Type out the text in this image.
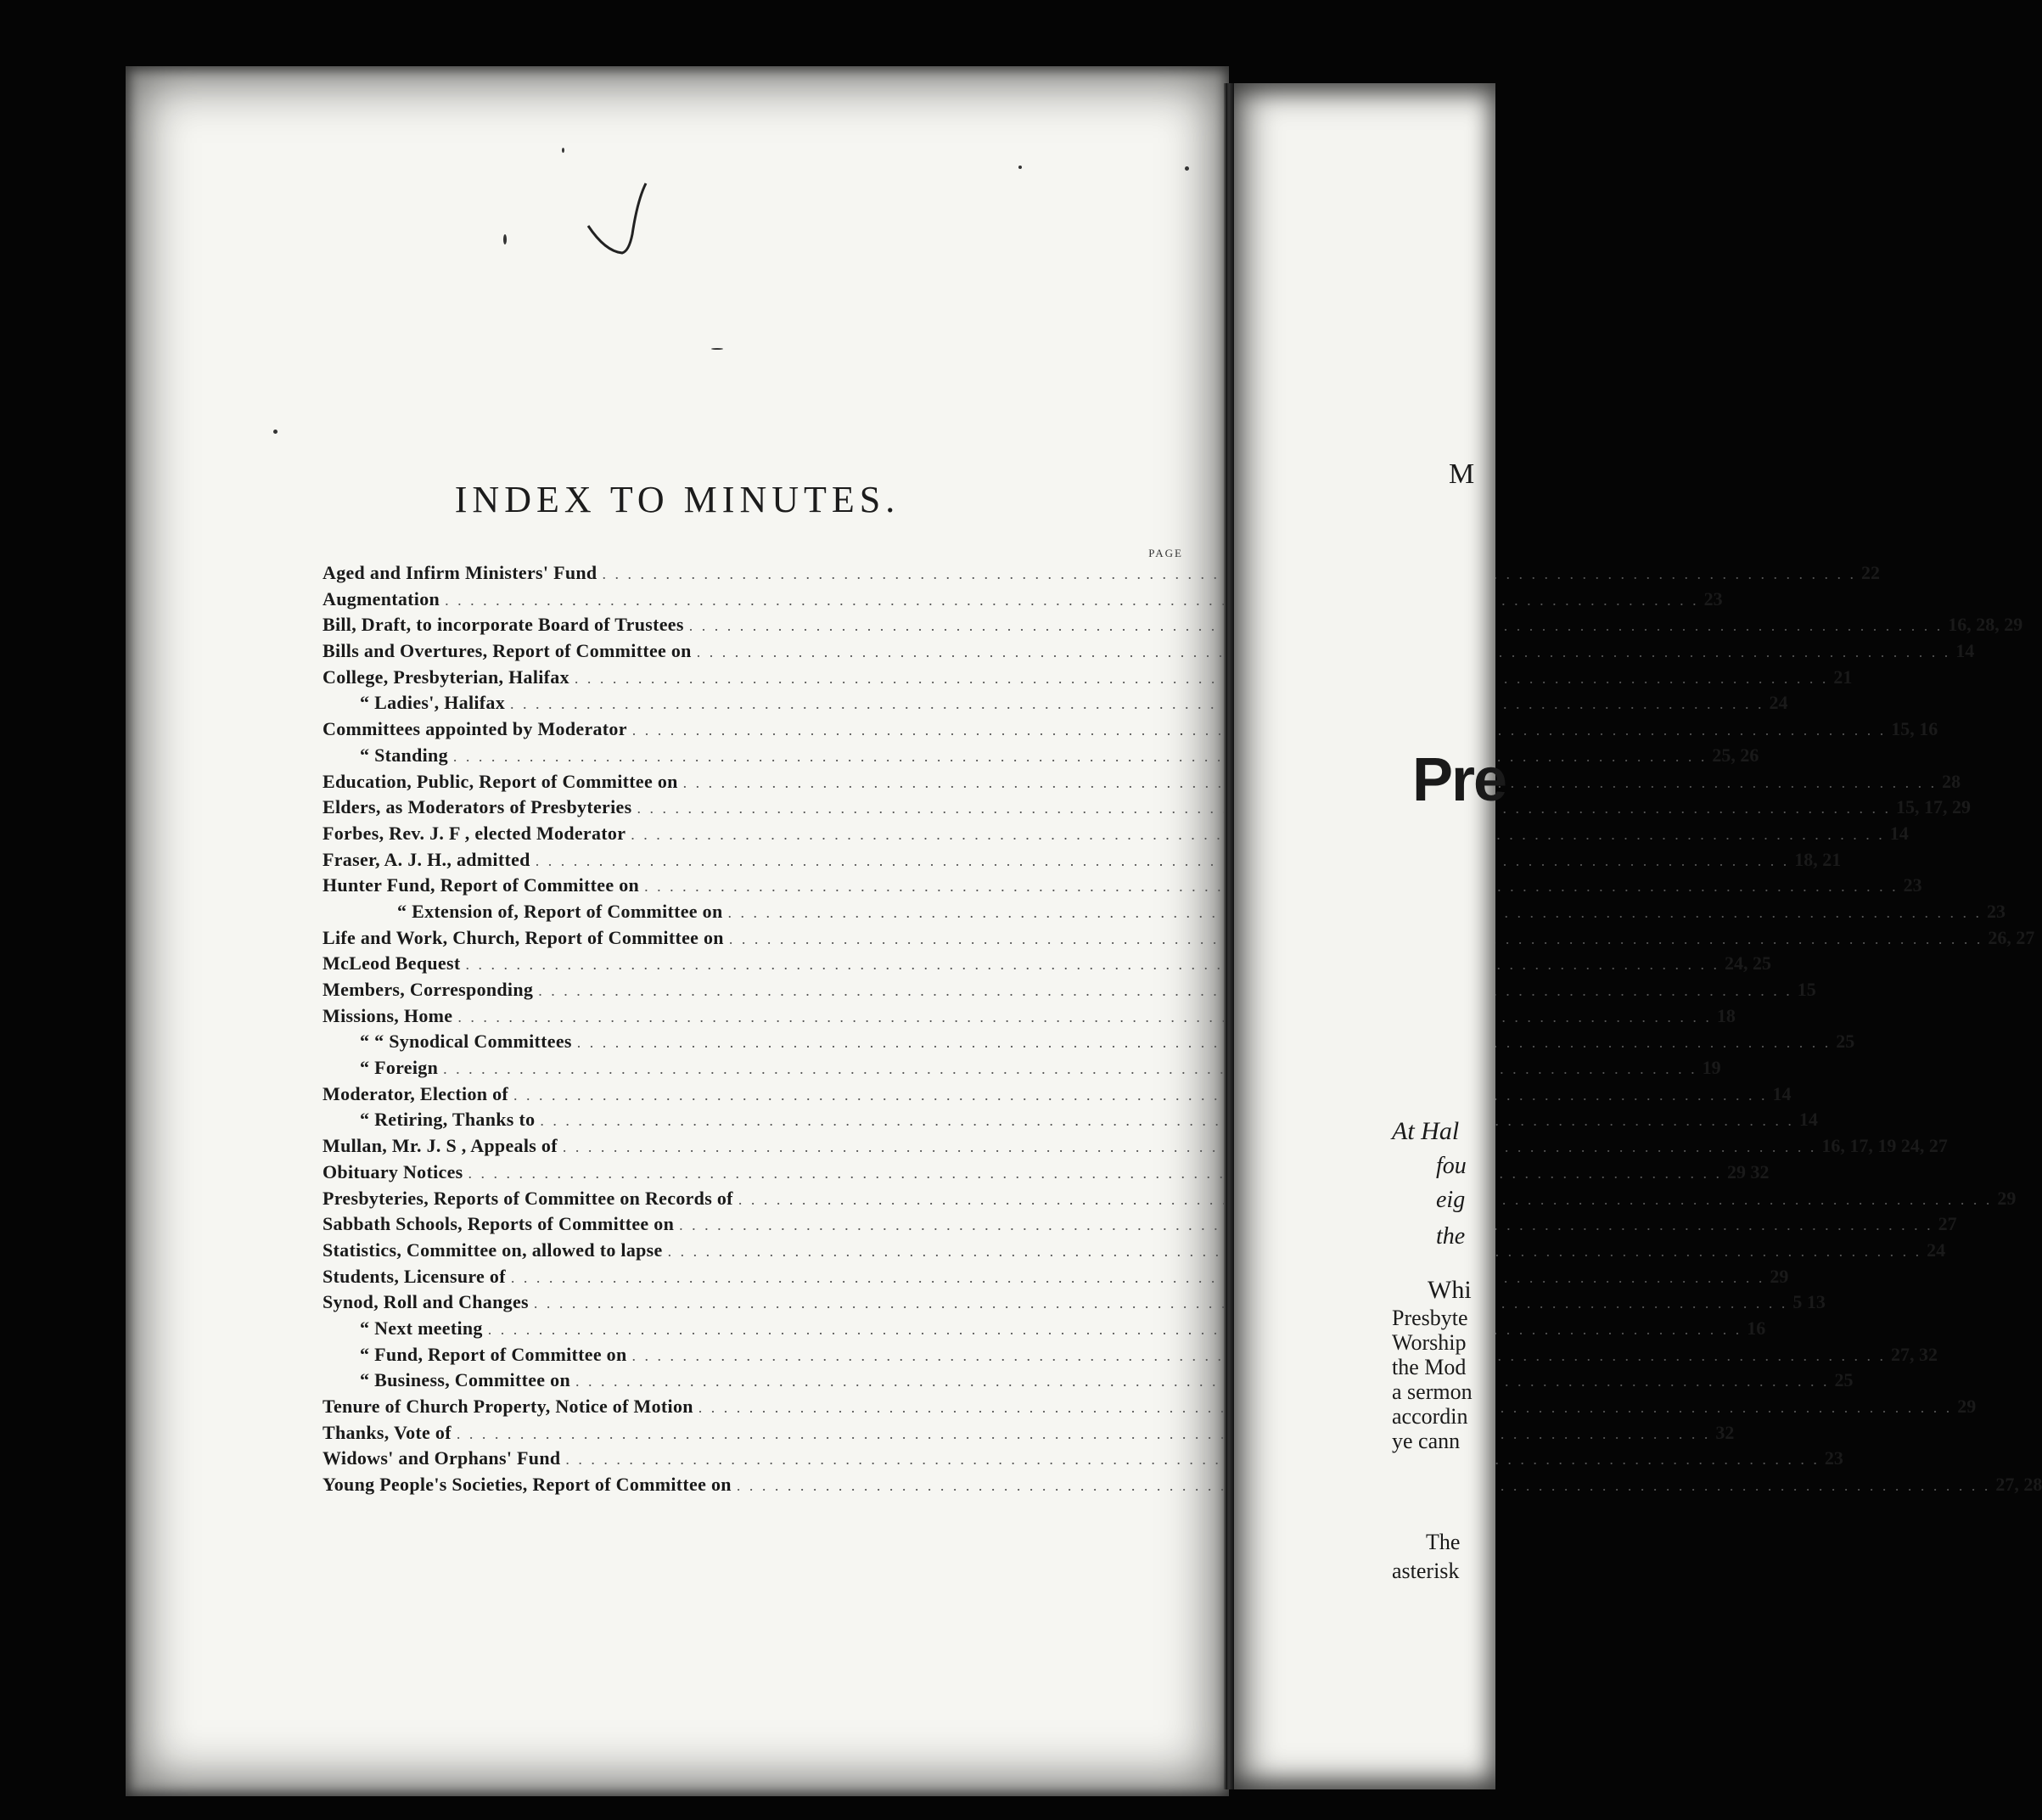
INDEX TO MINUTES.
PAGE
Aged and Infirm Ministers' Fund . . .	22
Augmentation . . .	23
Bill, Draft, to incorporate Board of Trustees . . .	16, 28, 29
Bills and Overtures, Report of Committee on . . .	14
College, Presbyterian, Halifax . . .	21
“ Ladies', Halifax . . .	24
Committees appointed by Moderator . . .	15, 16
“ Standing . . .	25, 26
Education, Public, Report of Committee on . . .	28
Elders, as Moderators of Presbyteries . . .	15, 17, 29
Forbes, Rev. J. F , elected Moderator . . .	14
Fraser, A. J. H., admitted . . .	18, 21
Hunter Fund, Report of Committee on . . .	23
“ Extension of, Report of Committee on . . .	23
Life and Work, Church, Report of Committee on . . .	26, 27
McLeod Bequest . . .	24, 25
Members, Corresponding . . .	15
Missions, Home . . .	18
“ “ Synodical Committees . . .	25
“ Foreign . . .	19
Moderator, Election of . . .	14
“ Retiring, Thanks to . . .	14
Mullan, Mr. J. S , Appeals of . . .	16, 17, 19 24, 27
Obituary Notices . . .	29 32
Presbyteries, Reports of Committee on Records of . . .	29
Sabbath Schools, Reports of Committee on . . .	27
Statistics, Committee on, allowed to lapse . . .	24
Students, Licensure of . . .	29
Synod, Roll and Changes . . .	5 13
“ Next meeting . . .	16
“ Fund, Report of Committee on . . .	27, 32
“ Business, Committee on . . .	25
Tenure of Church Property, Notice of Motion . . .	29
Thanks, Vote of . . .	32
Widows' and Orphans' Fund . . .	23
Young People's Societies, Report of Committee on . . .	27, 28
M
Pre
At Hal
fou
eig
the
Whi
Presbyte
Worship
the Mod
a sermon
accordin
ye cann
The
asterisk
